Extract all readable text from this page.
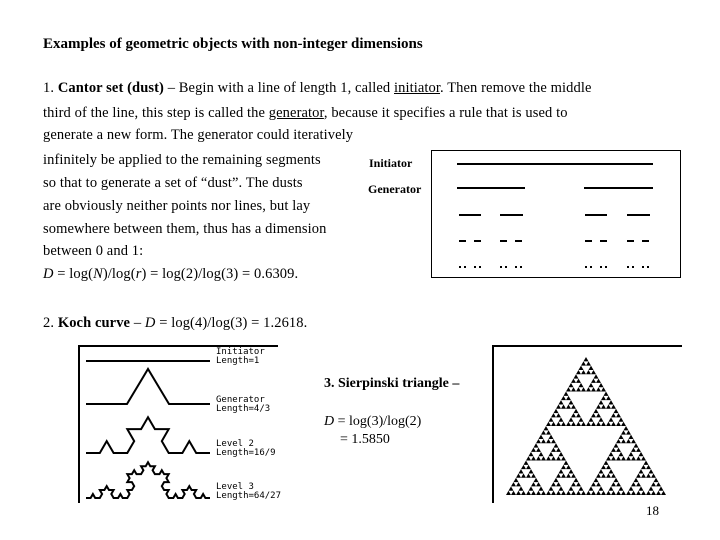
Examples of geometric objects with non-integer dimensions
1. Cantor set (dust) – Begin with a line of length 1, called initiator. Then remove the middle
third of the line, this step is called the generator, because it specifies a rule that is used to
generate a new form. The generator could iteratively
infinitely be applied to the remaining segments
so that to generate a set of “dust”. The dusts
are obviously neither points nor lines, but lay
somewhere between them, thus has a dimension
between 0 and 1:
D = log(N)/log(r) = log(2)/log(3) = 0.6309.
Initiator
Generator
2. Koch curve – D = log(4)/log(3) = 1.2618.
Initiator
Length=1
Generator
Length=4/3
Level 2
Length=16/9
Level 3
Length=64/27
3. Sierpinski triangle –
D = log(3)/log(2)
= 1.5850
18
